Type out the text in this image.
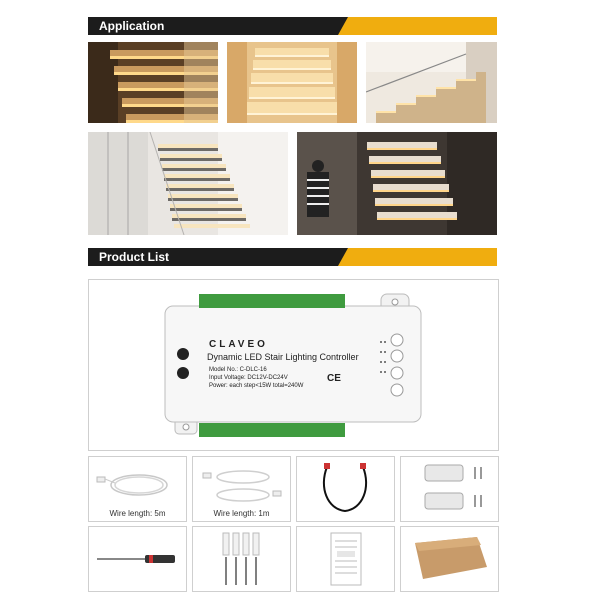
Application
Product List
CLAVEO
Dynamic LED Stair Lighting Controller
Model No.: C-DLC-16
Input Voltage: DC12V-DC24V
Power: each step<15W total=240W
CE
Wire length: 5m	Wire length: 1m
